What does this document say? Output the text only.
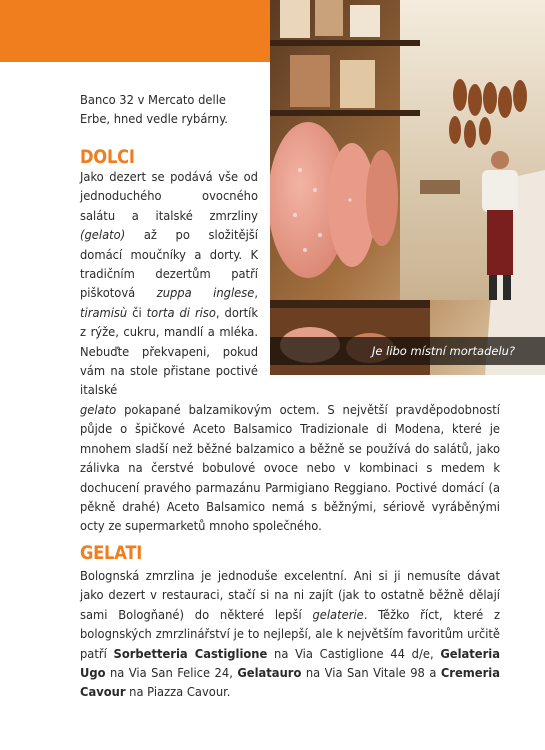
Je libo místní mortadelu?
Banco 32 v Mercato delle Erbe, hned vedle rybárny.
DOLCI

Jako dezert se podává vše od jednoduchého ovocného salátu a italské zmrzliny (gelato) až po složitější domácí moučníky a dorty. K tradičním dezertům patří piškotová zuppa inglese, tiramisù či torta di riso, dortík z rýže, cukru, mandlí a mléka. Nebuďte překvapeni, pokud vám na stole přistane poctivé italské

gelato pokapané balzamikovým octem. S největší pravděpodobností půjde o špičkové Aceto Balsamico Tradizionale di Modena, které je mnohem sladší než běžné balzamico a běžně se používá do salátů, jako zálivka na čerstvé bobulové ovoce nebo v kombinaci s medem k dochucení pravého parmazánu Parmigiano Reggiano. Poctivé domácí (a pěkně drahé) Aceto Balsamico nemá s běžnými, sériově vyráběnými octy ze supermarketů mnoho společného.

GELATI

Bolognská zmrzlina je jednoduše excelentní. Ani si ji nemusíte dávat jako dezert v restauraci, stačí si na ni zajít (jak to ostatně běžně dělají sami Bologňané) do některé lepší gelaterie. Těžko říct, které z bolognských zmrzlinářství je to nejlepší, ale k největším favoritům určitě patří Sorbetteria Castiglione na Via Castiglione 44 d/e, Gelateria Ugo na Via San Felice 24, Gelatauro na Via San Vitale 98 a Cremeria Cavour na Piazza Cavour.
